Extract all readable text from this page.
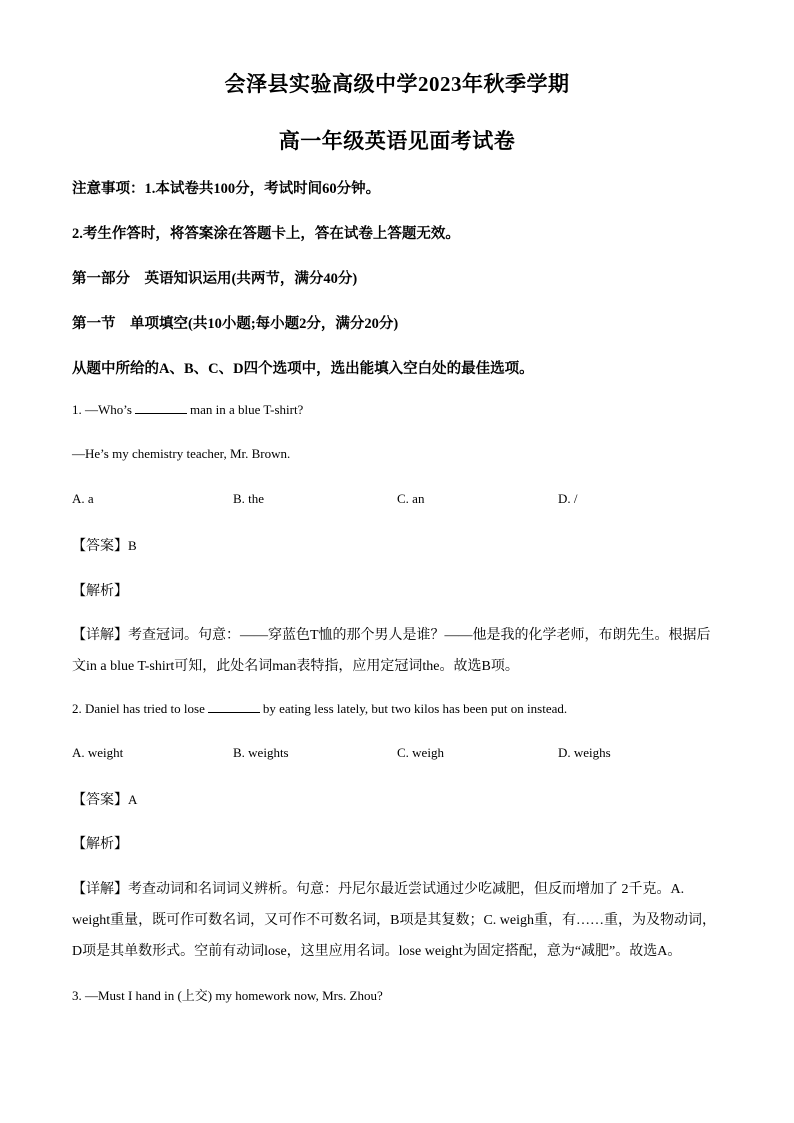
会泽县实验高级中学2023年秋季学期
高一年级英语见面考试卷
注意事项：1.本试卷共100分，考试时间60分钟。
2.考生作答时，将答案涂在答题卡上，答在试卷上答题无效。
第一部分　英语知识运用(共两节，满分40分)
第一节　单项填空(共10小题;每小题2分，满分20分)
从题中所给的A、B、C、D四个选项中，选出能填入空白处的最佳选项。
1. —Who’s	man in a blue T-shirt?
—He’s my chemistry teacher, Mr. Brown.
A. a	B. the	C. an	D. /
【答案】B
【解析】
【详解】考查冠词。句意：——穿蓝色T恤的那个男人是谁？——他是我的化学老师，布朗先生。根据后
文in a blue T-shirt可知，此处名词man表特指，应用定冠词the。故选B项。
2. Daniel has tried to lose	by eating less lately, but two kilos has been put on instead.
A. weight	B. weights	C. weigh	D. weighs
【答案】A
【解析】
【详解】考查动词和名词词义辨析。句意：丹尼尔最近尝试通过少吃减肥，但反而增加了 2千克。A.
weight重量，既可作可数名词，又可作不可数名词，B项是其复数；C. weigh重，有……重，为及物动词，
D项是其单数形式。空前有动词lose，这里应用名词。lose weight为固定搭配，意为“减肥”。故选A。
3. —Must I hand in (上交) my homework now, Mrs. Zhou?
